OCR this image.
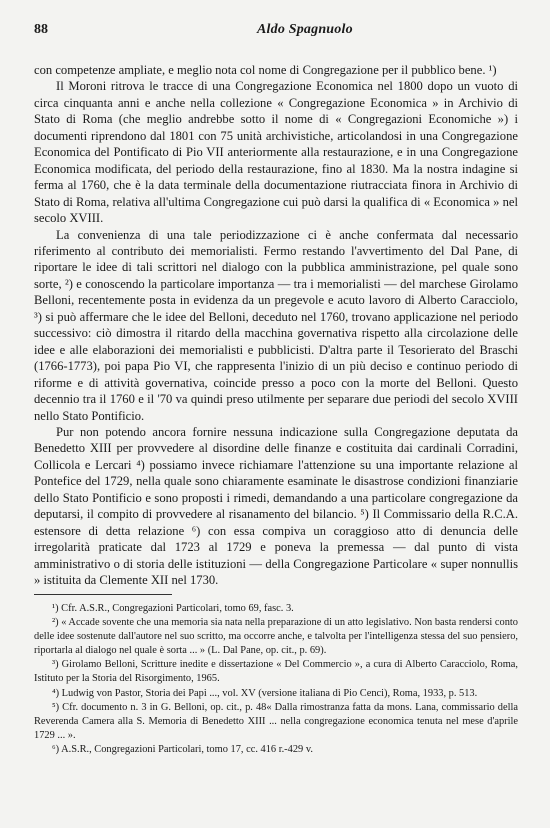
88	Aldo Spagnuolo

con competenze ampliate, e meglio nota col nome di Congregazione per il pubblico bene. ¹)

Il Moroni ritrova le tracce di una Congregazione Economica nel 1800 dopo un vuoto di circa cinquanta anni e anche nella collezione « Congregazione Economica » in Archivio di Stato di Roma (che meglio andrebbe sotto il nome di « Congregazioni Economiche ») i documenti riprendono dal 1801 con 75 unità archivistiche, articolandosi in una Congregazione Economica del Pontificato di Pio VII anteriormente alla restaurazione, e in una Congregazione Economica modificata, del periodo della restaurazione, fino al 1830. Ma la nostra indagine si ferma al 1760, che è la data terminale della documentazione riutracciata finora in Archivio di Stato di Roma, relativa all'ultima Congregazione cui può darsi la qualifica di « Economica » nel secolo XVIII.

La convenienza di una tale periodizzazione ci è anche confermata dal necessario riferimento al contributo dei memorialisti. Fermo restando l'avvertimento del Dal Pane, di riportare le idee di tali scrittori nel dialogo con la pubblica amministrazione, pel quale sono sorte, ²) e conoscendo la particolare importanza — tra i memorialisti — del marchese Girolamo Belloni, recentemente posta in evidenza da un pregevole e acuto lavoro di Alberto Caracciolo, ³) si può affermare che le idee del Belloni, deceduto nel 1760, trovano applicazione nel periodo successivo: ciò dimostra il ritardo della macchina governativa rispetto alla circolazione delle idee e alle elaborazioni dei memorialisti e pubblicisti. D'altra parte il Tesorierato del Braschi (1766-1773), poi papa Pio VI, che rappresenta l'inizio di un più deciso e continuo periodo di riforme e di attività governativa, coincide presso a poco con la morte del Belloni. Questo decennio tra il 1760 e il '70 va quindi preso utilmente per separare due periodi del secolo XVIII nello Stato Pontificio.

Pur non potendo ancora fornire nessuna indicazione sulla Congregazione deputata da Benedetto XIII per provvedere al disordine delle finanze e costituita dai cardinali Corradini, Collicola e Lercari ⁴) possiamo invece richiamare l'attenzione su una importante relazione al Pontefice del 1729, nella quale sono chiaramente esaminate le disastrose condizioni finanziarie dello Stato Pontificio e sono proposti i rimedi, demandando a una particolare congregazione da deputarsi, il compito di provvedere al risanamento del bilancio. ⁵) Il Commissario della R.C.A. estensore di detta relazione ⁶) con essa compiva un coraggioso atto di denuncia delle irregolarità praticate dal 1723 al 1729 e poneva la premessa — dal punto di vista amministrativo o di storia delle istituzioni — della Congregazione Particolare « super nonnullis » istituita da Clemente XII nel 1730.

¹) Cfr. A.S.R., Congregazioni Particolari, tomo 69, fasc. 3.

²) « Accade sovente che una memoria sia nata nella preparazione di un atto legislativo. Non basta rendersi conto delle idee sostenute dall'autore nel suo scritto, ma occorre anche, e talvolta per l'intelligenza stessa del suo pensiero, riportarla al dialogo nel quale è sorta ... » (L. Dal Pane, op. cit., p. 69).

³) Girolamo Belloni, Scritture inedite e dissertazione « Del Commercio », a cura di Alberto Caracciolo, Roma, Istituto per la Storia del Risorgimento, 1965.

⁴) Ludwig von Pastor, Storia dei Papi ..., vol. XV (versione italiana di Pio Cenci), Roma, 1933, p. 513.

⁵) Cfr. documento n. 3 in G. Belloni, op. cit., p. 48« Dalla rimostranza fatta da mons. Lana, commissario della Reverenda Camera alla S. Memoria di Benedetto XIII ... nella congregazione economica tenuta nel mese d'aprile 1729 ... ».

⁶) A.S.R., Congregazioni Particolari, tomo 17, cc. 416 r.-429 v.
